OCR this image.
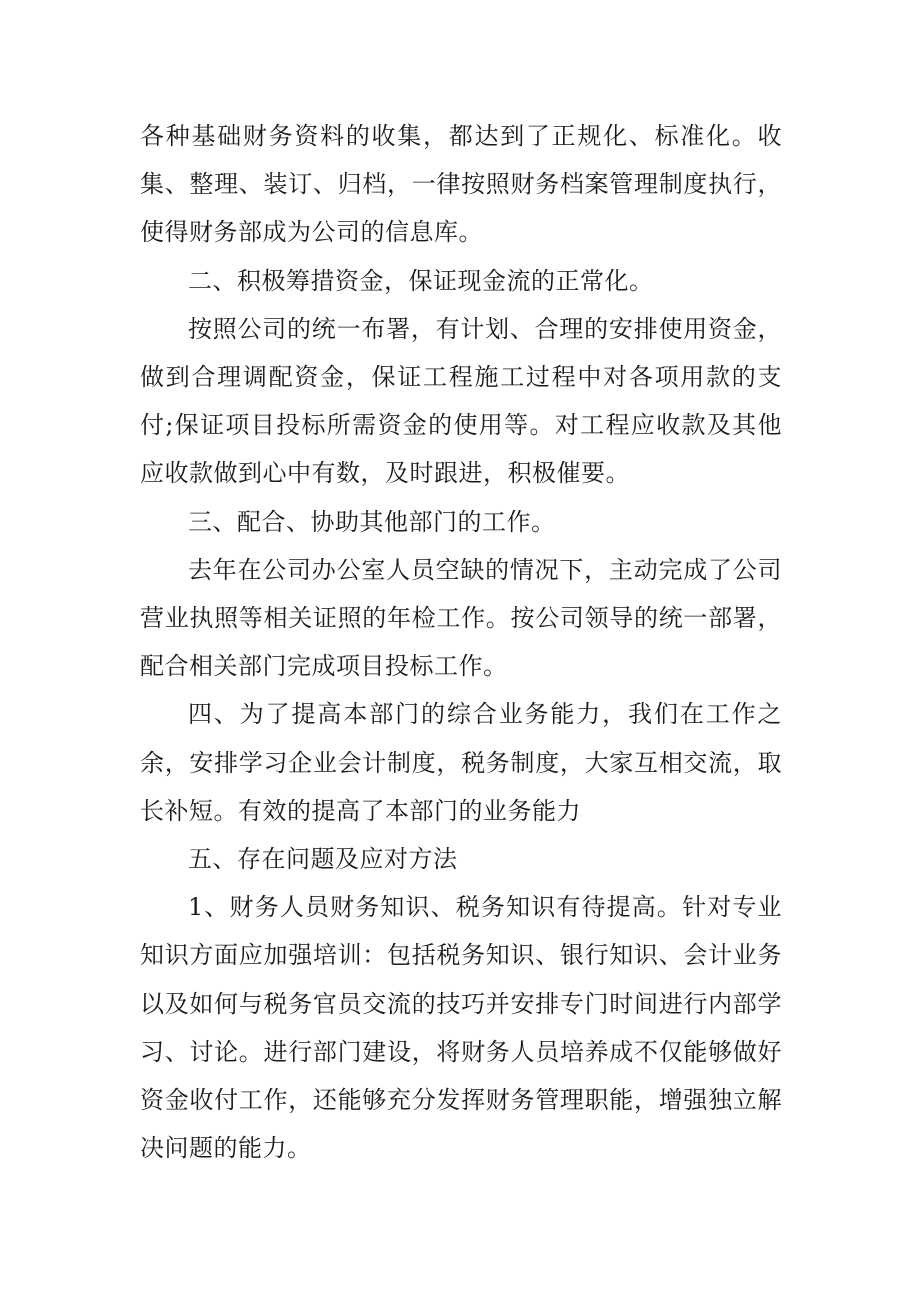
各种基础财务资料的收集，都达到了正规化、标准化。收集、整理、装订、归档，一律按照财务档案管理制度执行，使得财务部成为公司的信息库。

二、积极筹措资金，保证现金流的正常化。

按照公司的统一布署，有计划、合理的安排使用资金，做到合理调配资金，保证工程施工过程中对各项用款的支付;保证项目投标所需资金的使用等。对工程应收款及其他应收款做到心中有数，及时跟进，积极催要。

三、配合、协助其他部门的工作。

去年在公司办公室人员空缺的情况下，主动完成了公司营业执照等相关证照的年检工作。按公司领导的统一部署，配合相关部门完成项目投标工作。

四、为了提高本部门的综合业务能力，我们在工作之余，安排学习企业会计制度，税务制度，大家互相交流，取长补短。有效的提高了本部门的业务能力

五、存在问题及应对方法

1、财务人员财务知识、税务知识有待提高。针对专业知识方面应加强培训：包括税务知识、银行知识、会计业务以及如何与税务官员交流的技巧并安排专门时间进行内部学习、讨论。进行部门建设，将财务人员培养成不仅能够做好资金收付工作，还能够充分发挥财务管理职能，增强独立解决问题的能力。
